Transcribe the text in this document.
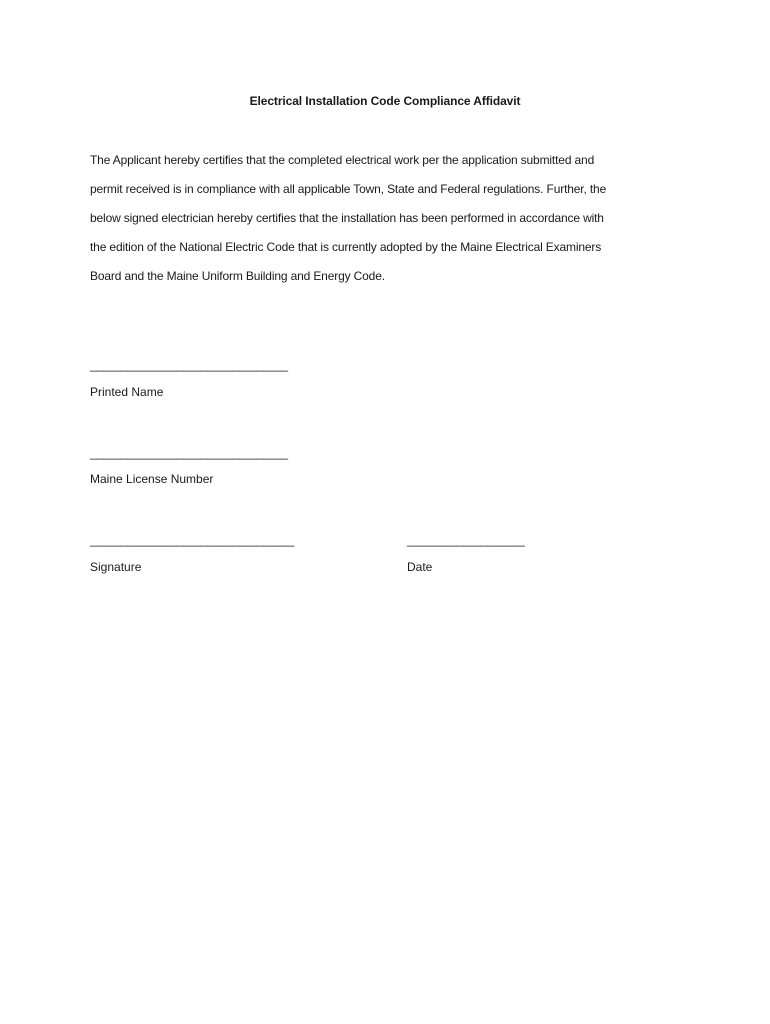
Electrical Installation Code Compliance Affidavit
The Applicant hereby certifies that the completed electrical work per the application submitted and
permit received is in compliance with all applicable Town, State and Federal regulations. Further, the
below signed electrician hereby certifies that the installation has been performed in accordance with
the edition of the National Electric Code that is currently adopted by the Maine Electrical Examiners
Board and the Maine Uniform Building and Energy Code.
________________________________
Printed Name
________________________________
Maine License Number
_________________________________
Signature
___________________
Date
